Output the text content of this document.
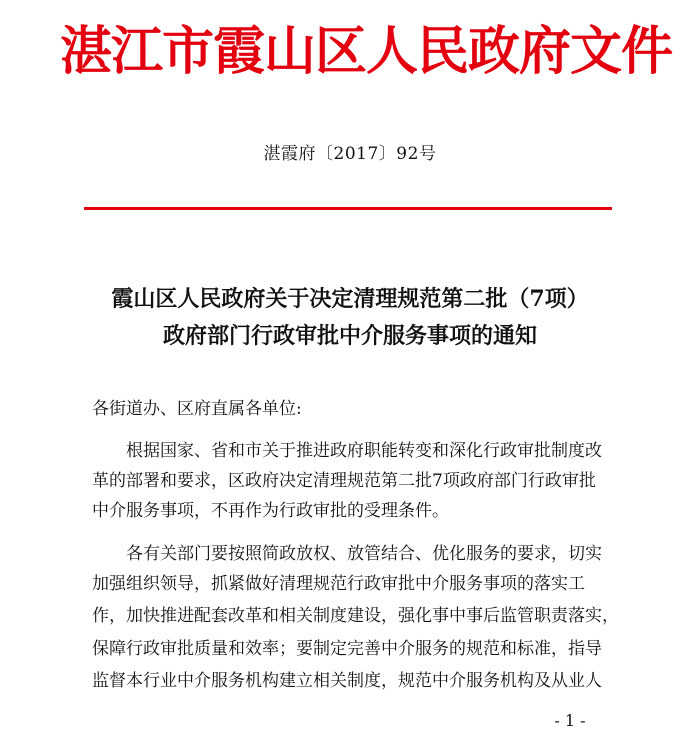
湛江市霞山区人民政府文件
湛霞府〔2017〕92号
霞山区人民政府关于决定清理规范第二批（7项）
政府部门行政审批中介服务事项的通知
各街道办、区府直属各单位:
　　根据国家、省和市关于推进政府职能转变和深化行政审批制度改
革的部署和要求，区政府决定清理规范第二批7项政府部门行政审批
中介服务事项，不再作为行政审批的受理条件。
　　各有关部门要按照简政放权、放管结合、优化服务的要求，切实
加强组织领导，抓紧做好清理规范行政审批中介服务事项的落实工
作，加快推进配套改革和相关制度建设，强化事中事后监管职责落实，
保障行政审批质量和效率；要制定完善中介服务的规范和标准，指导
监督本行业中介服务机构建立相关制度，规范中介服务机构及从业人
- 1 -
